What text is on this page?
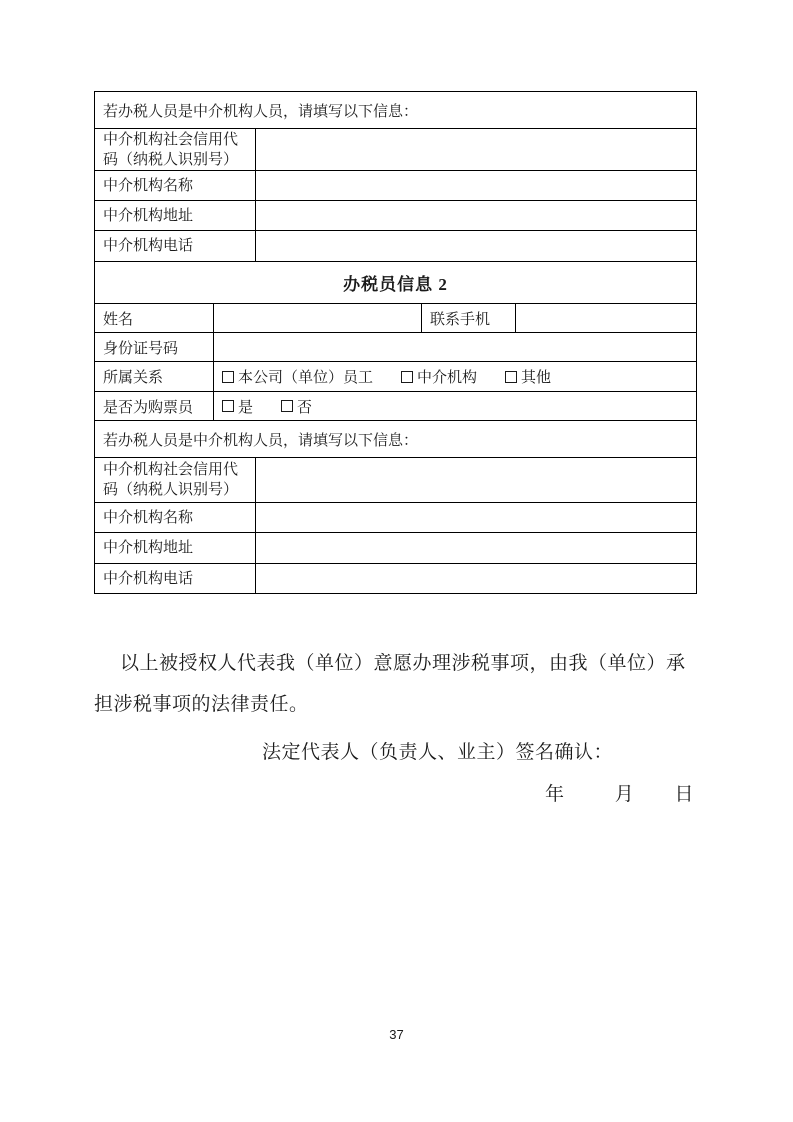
若办税人员是中介机构人员，请填写以下信息：
中介机构社会信用代码（纳税人识别号）
中介机构名称
中介机构地址
中介机构电话
办税员信息 2
姓名	联系手机
身份证号码
所属关系	本公司（单位）员工	中介机构	其他
是否为购票员	是	否
若办税人员是中介机构人员，请填写以下信息：
中介机构社会信用代码（纳税人识别号）
中介机构名称
中介机构地址
中介机构电话
以上被授权人代表我（单位）意愿办理涉税事项，由我（单位）承
担涉税事项的法律责任。
法定代表人（负责人、业主）签名确认：
年	月 日
37
